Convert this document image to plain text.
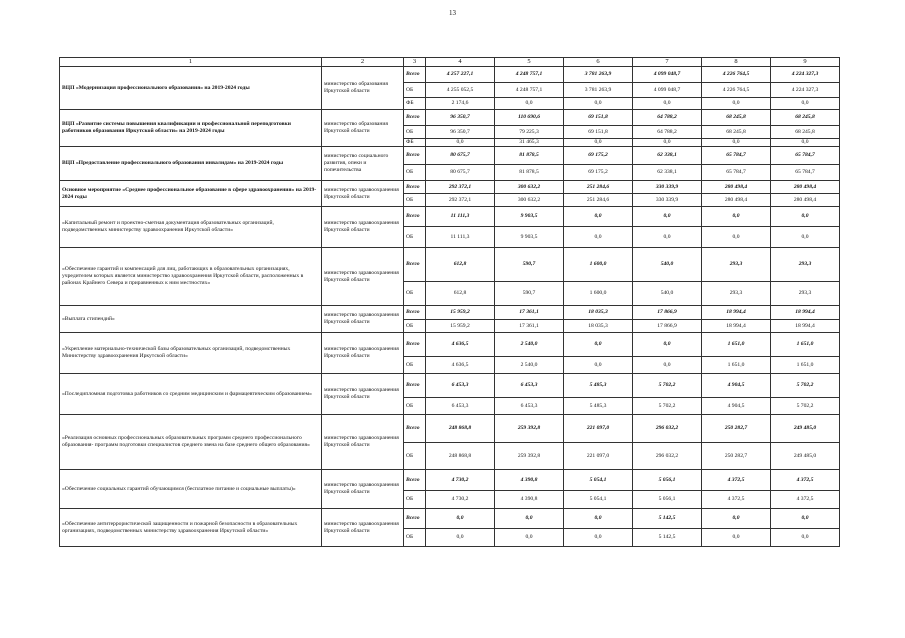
13
1	2	3	4	5	6	7	8	9
ВЦП «Модернизация профессионального образования» на 2019-2024 годы	министерство образования Иркутской области	Всего	4 257 227,1	4 248 757,1	3 781 263,9	4 099 048,7	4 226 764,5	4 224 327,3
		ОБ	4 255 052,5	4 248 757,1	3 781 263,9	4 099 048,7	4 226 764,5	4 224 327,3
		ФБ	2 174,6	0,0	0,0	0,0	0,0	0,0
ВЦП «Развитие системы повышения квалификации и профессиональной переподготовки работников образования Иркутской области» на 2019-2024 годы	министерство образования Иркутской области	Всего	96 350,7	110 690,6	69 151,8	64 788,2	68 245,8	68 245,8
		ОБ	96 350,7	79 225,3	69 151,8	64 788,2	68 245,8	68 245,8
		ФБ	0,0	31 465,3	0,0	0,0	0,0	0,0
ВЦП «Предоставление профессионального образования инвалидам» на 2019-2024 годы	министерство социального развития, опеки и попечительства	Всего	80 675,7	81 878,5	69 175,2	62 338,1	65 784,7	65 784,7
		ОБ	80 675,7	81 878,5	69 175,2	62 338,1	65 784,7	65 784,7
Основное мероприятие «Среднее профессиональное образование в сфере здравоохранения» на 2019-2024 годы	министерство здравоохранения Иркутской области	Всего	292 372,1	300 632,2	251 284,6	330 339,9	280 498,4	280 498,4
		ОБ	292 372,1	300 632,2	251 284,6	330 339,9	280 498,4	280 498,4
«Капитальный ремонт и проектно-сметная документация образовательных организаций, подведомственных министерству здравоохранения Иркутской области»	министерство здравоохранения Иркутской области	Всего	11 111,3	9 903,5	0,0	0,0	0,0	0,0
		ОБ	11 111,3	9 903,5	0,0	0,0	0,0	0,0
«Обеспечение гарантий и компенсаций для лиц, работающих в образовательных организациях, учредителем которых является министерство здравоохранения Иркутской области, расположенных в районах Крайнего Севера и приравненных к ним местностях»	министерство здравоохранения Иркутской области	Всего	612,8	590,7	1 600,0	540,0	293,3	293,3
		ОБ	612,8	590,7	1 600,0	540,0	293,3	293,3
«Выплата стипендий»	министерство здравоохранения Иркутской области	Всего	15 959,2	17 361,1	18 035,3	17 866,9	18 994,4	18 994,4
		ОБ	15 959,2	17 361,1	18 035,3	17 866,9	18 994,4	18 994,4
«Укрепление материально-технической базы образовательных организаций, подведомственных Министерству здравоохранения Иркутской области»	министерство здравоохранения Иркутской области	Всего	4 636,5	2 540,0	0,0	0,0	1 651,0	1 651,0
		ОБ	4 636,5	2 540,0	0,0	0,0	1 651,0	1 651,0
«Последипломная подготовка работников со средним медицинским и фармацевтическим образованием»	министерство здравоохранения Иркутской области	Всего	6 453,3	6 453,3	5 485,3	5 702,2	4 904,5	5 702,2
		ОБ	6 453,3	6 453,3	5 485,3	5 702,2	4 904,5	5 702,2
«Реализация основных профессиональных образовательных программ среднего профессионального образования- программ подготовки специалистов среднего звена на базе среднего общего образования»	министерство здравоохранения Иркутской области	Всего	248 868,8	259 392,8	221 097,0	296 032,2	250 282,7	249 485,0
		ОБ	248 868,8	259 392,8	221 097,0	296 032,2	250 282,7	249 485,0
«Обеспечение социальных гарантий обучающимся (бесплатное питание и социальные выплаты)»	министерство здравоохранения Иркутской области	Всего	4 730,2	4 390,8	5 054,1	5 056,1	4 372,5	4 372,5
		ОБ	4 730,2	4 390,8	5 054,1	5 056,1	4 372,5	4 372,5
«Обеспечение антитеррористической защищенности и пожарной безопасности в образовательных организациях, подведомственных министерству здравоохранения Иркутской области»	министерство здравоохранения Иркутской области	Всего	0,0	0,0	0,0	5 142,5	0,0	0,0
		ОБ	0,0	0,0	0,0	5 142,5	0,0	0,0
